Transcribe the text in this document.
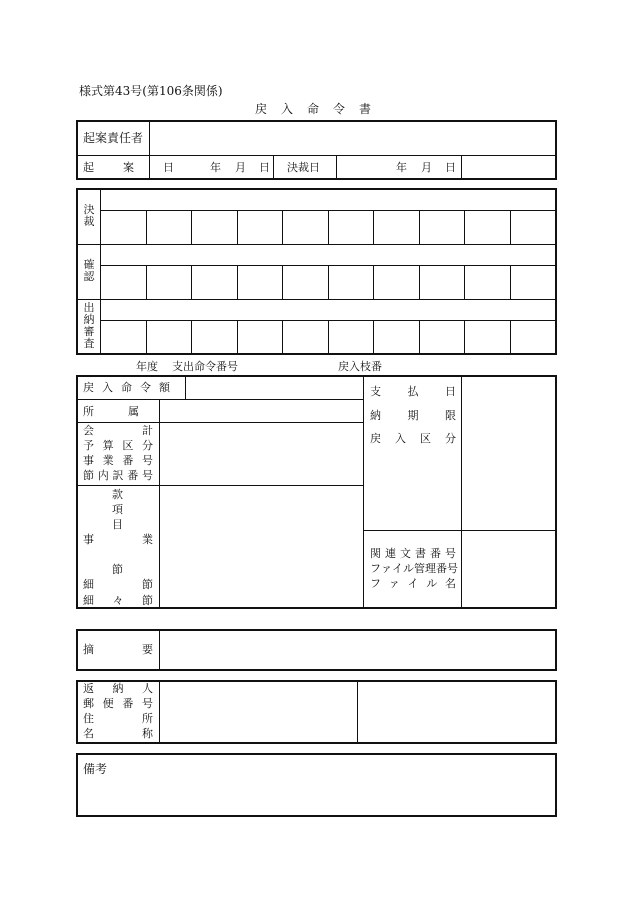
様式第43号(第106条関係)
戻　入　命　令　書
起案責任者
起　案　日 年 月 日 決裁日	年 月 日
決裁
確認
出納審査
年度 支出命令番号	戻入枝番
戻入命令額
所属
会	計
予 算 区 分
事 業 番 号
節 内 訳 番 号
款
項
目
事	業
節
細	節
細 々 節
支 払 日
納 期 限
戻 入 区 分
関 連 文 書 番 号
フ ァ イ ル 管 理 番 号
フ ァ イ ル 名
摘要
返 納 人
郵 便 番 号
住	所
名	称
備考
